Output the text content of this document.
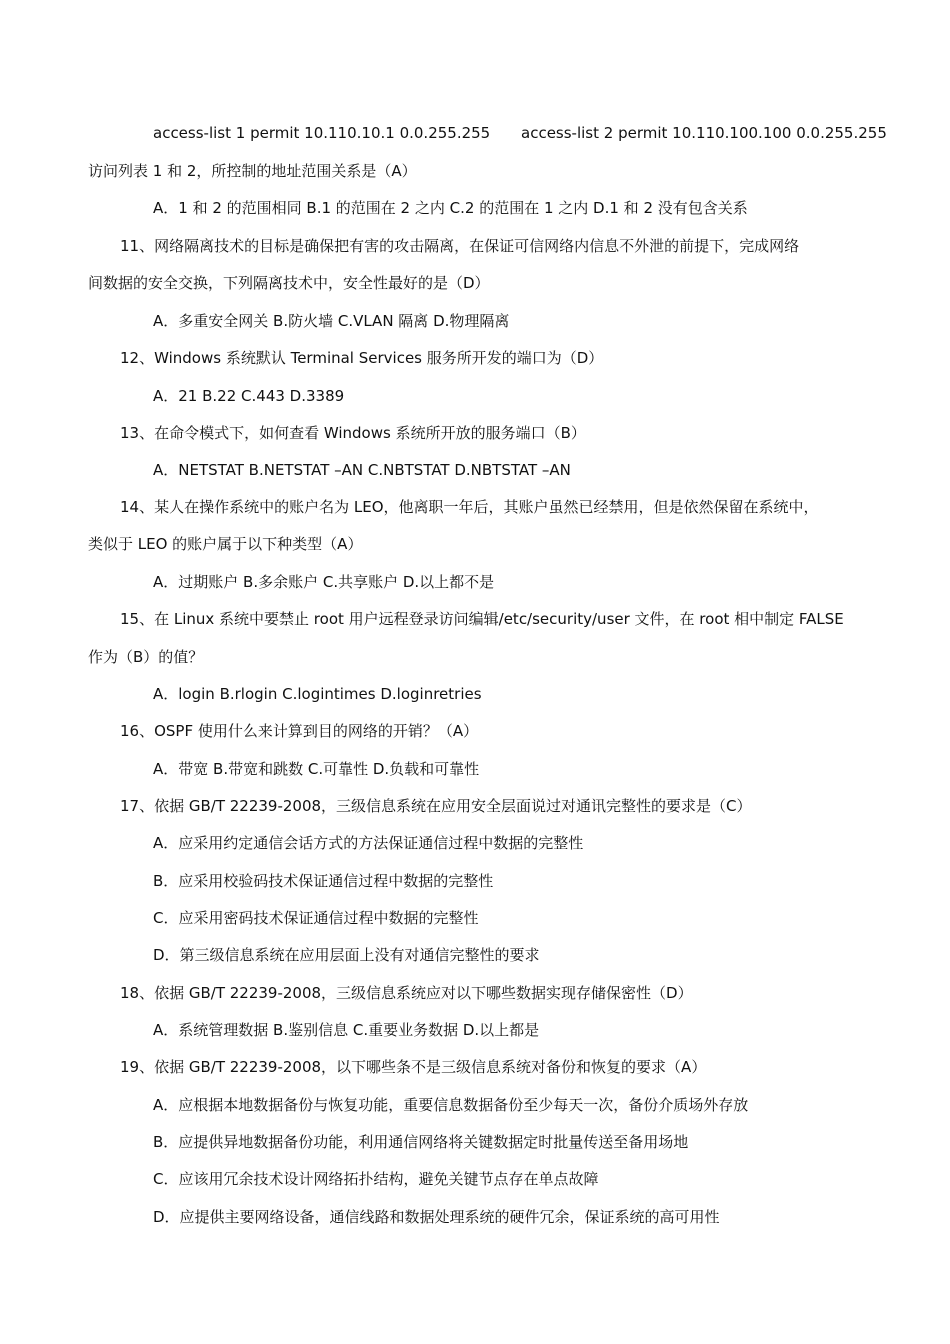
access-list 1 permit 10.110.10.1 0.0.255.255 access-list 2 permit 10.110.100.100 0.0.255.255
访问列表 1 和 2，所控制的地址范围关系是（A）
A．1 和 2 的范围相同 B.1 的范围在 2 之内 C.2 的范围在 1 之内 D.1 和 2 没有包含关系
11、网络隔离技术的目标是确保把有害的攻击隔离，在保证可信网络内信息不外泄的前提下，完成网络
间数据的安全交换，下列隔离技术中，安全性最好的是（D）
A．多重安全网关 B.防火墙 C.VLAN 隔离 D.物理隔离
12、Windows 系统默认 Terminal Services 服务所开发的端口为（D）
A．21 B.22 C.443 D.3389
13、在命令模式下，如何查看 Windows 系统所开放的服务端口（B）
A．NETSTAT B.NETSTAT –AN C.NBTSTAT D.NBTSTAT –AN
14、某人在操作系统中的账户名为 LEO，他离职一年后，其账户虽然已经禁用，但是依然保留在系统中，
类似于 LEO 的账户属于以下种类型（A）
A．过期账户 B.多余账户 C.共享账户 D.以上都不是
15、在 Linux 系统中要禁止 root 用户远程登录访问编辑/etc/security/user 文件，在 root 相中制定 FALSE
作为（B）的值？
A．login B.rlogin C.logintimes D.loginretries
16、OSPF 使用什么来计算到目的网络的开销？（A）
A．带宽 B.带宽和跳数 C.可靠性 D.负载和可靠性
17、依据 GB/T 22239-2008，三级信息系统在应用安全层面说过对通讯完整性的要求是（C）
A．应采用约定通信会话方式的方法保证通信过程中数据的完整性
B．应采用校验码技术保证通信过程中数据的完整性
C．应采用密码技术保证通信过程中数据的完整性
D．第三级信息系统在应用层面上没有对通信完整性的要求
18、依据 GB/T 22239-2008，三级信息系统应对以下哪些数据实现存储保密性（D）
A．系统管理数据 B.鉴别信息 C.重要业务数据 D.以上都是
19、依据 GB/T 22239-2008，以下哪些条不是三级信息系统对备份和恢复的要求（A）
A．应根据本地数据备份与恢复功能，重要信息数据备份至少每天一次，备份介质场外存放
B．应提供异地数据备份功能，利用通信网络将关键数据定时批量传送至备用场地
C．应该用冗余技术设计网络拓扑结构，避免关键节点存在单点故障
D．应提供主要网络设备，通信线路和数据处理系统的硬件冗余，保证系统的高可用性
